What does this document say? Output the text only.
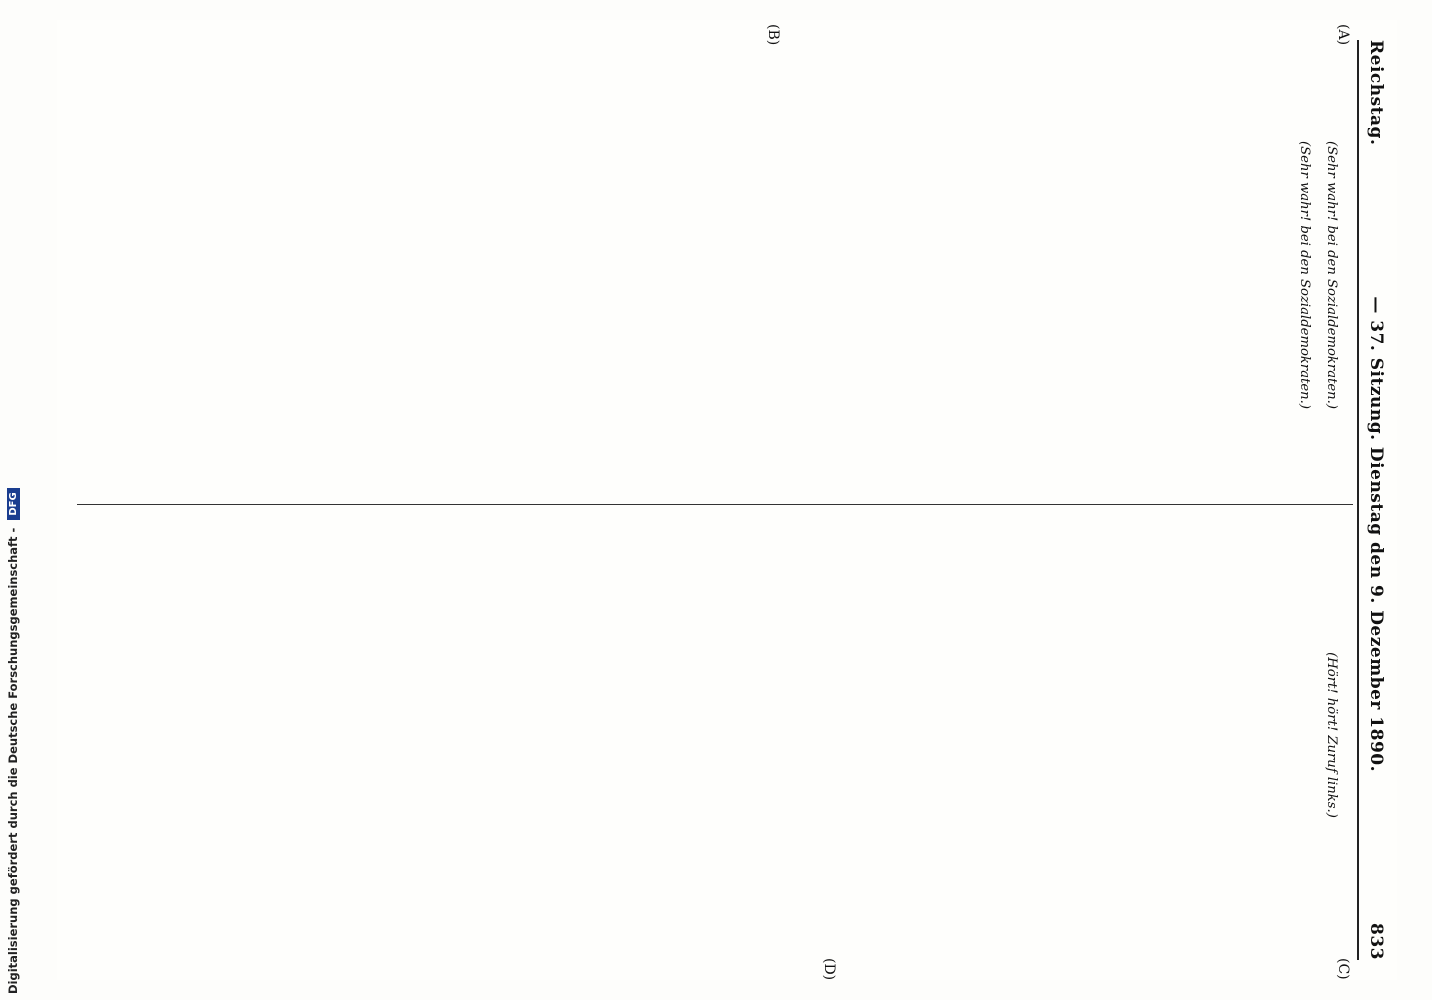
Digitalisierung gefördert durch die Deutsche Forschungsgemeinschaft - DFG
Reichstag.
— 37. Sitzung. Dienstag den 9. Dezember 1890.
833
(A)
(B)
(C)
(D)

(Sehr wahr! bei den Sozialdemokraten.)

(Sehr wahr! bei den Sozialdemokraten.)

(Hört! hört! Zuruf links.)
